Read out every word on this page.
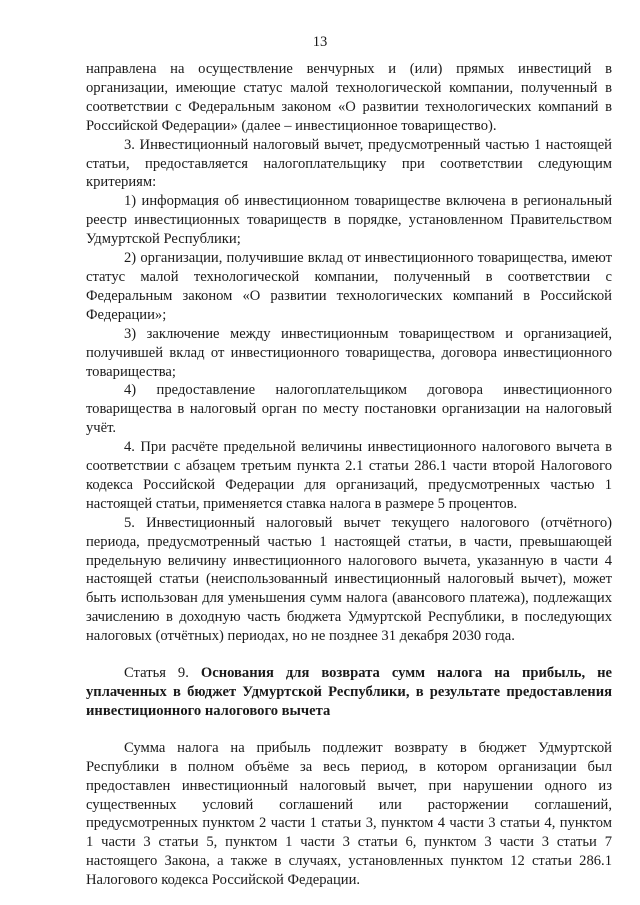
13

направлена на осуществление венчурных и (или) прямых инвестиций в организации, имеющие статус малой технологической компании, полученный в соответствии с Федеральным законом «О развитии технологических компаний в Российской Федерации» (далее – инвестиционное товарищество).

3. Инвестиционный налоговый вычет, предусмотренный частью 1 настоящей статьи, предоставляется налогоплательщику при соответствии следующим критериям:

1) информация об инвестиционном товариществе включена в региональный реестр инвестиционных товариществ в порядке, установленном Правительством Удмуртской Республики;

2) организации, получившие вклад от инвестиционного товарищества, имеют статус малой технологической компании, полученный в соответствии с Федеральным законом «О развитии технологических компаний в Российской Федерации»;

3) заключение между инвестиционным товариществом и организацией, получившей вклад от инвестиционного товарищества, договора инвестиционного товарищества;

4) предоставление налогоплательщиком договора инвестиционного товарищества в налоговый орган по месту постановки организации на налоговый учёт.

4. При расчёте предельной величины инвестиционного налогового вычета в соответствии с абзацем третьим пункта 2.1 статьи 286.1 части второй Налогового кодекса Российской Федерации для организаций, предусмотренных частью 1 настоящей статьи, применяется ставка налога в размере 5 процентов.

5. Инвестиционный налоговый вычет текущего налогового (отчётного) периода, предусмотренный частью 1 настоящей статьи, в части, превышающей предельную величину инвестиционного налогового вычета, указанную в части 4 настоящей статьи (неиспользованный инвестиционный налоговый вычет), может быть использован для уменьшения сумм налога (авансового платежа), подлежащих зачислению в доходную часть бюджета Удмуртской Республики, в последующих налоговых (отчётных) периодах, но не позднее 31 декабря 2030 года.

Статья 9. Основания для возврата сумм налога на прибыль, не уплаченных в бюджет Удмуртской Республики, в результате предоставления инвестиционного налогового вычета

Сумма налога на прибыль подлежит возврату в бюджет Удмуртской Республики в полном объёме за весь период, в котором организации был предоставлен инвестиционный налоговый вычет, при нарушении одного из существенных условий соглашений или расторжении соглашений, предусмотренных пунктом 2 части 1 статьи 3, пунктом 4 части 3 статьи 4, пунктом 1 части 3 статьи 5, пунктом 1 части 3 статьи 6, пунктом 3 части 3 статьи 7 настоящего Закона, а также в случаях, установленных пунктом 12 статьи 286.1 Налогового кодекса Российской Федерации.
